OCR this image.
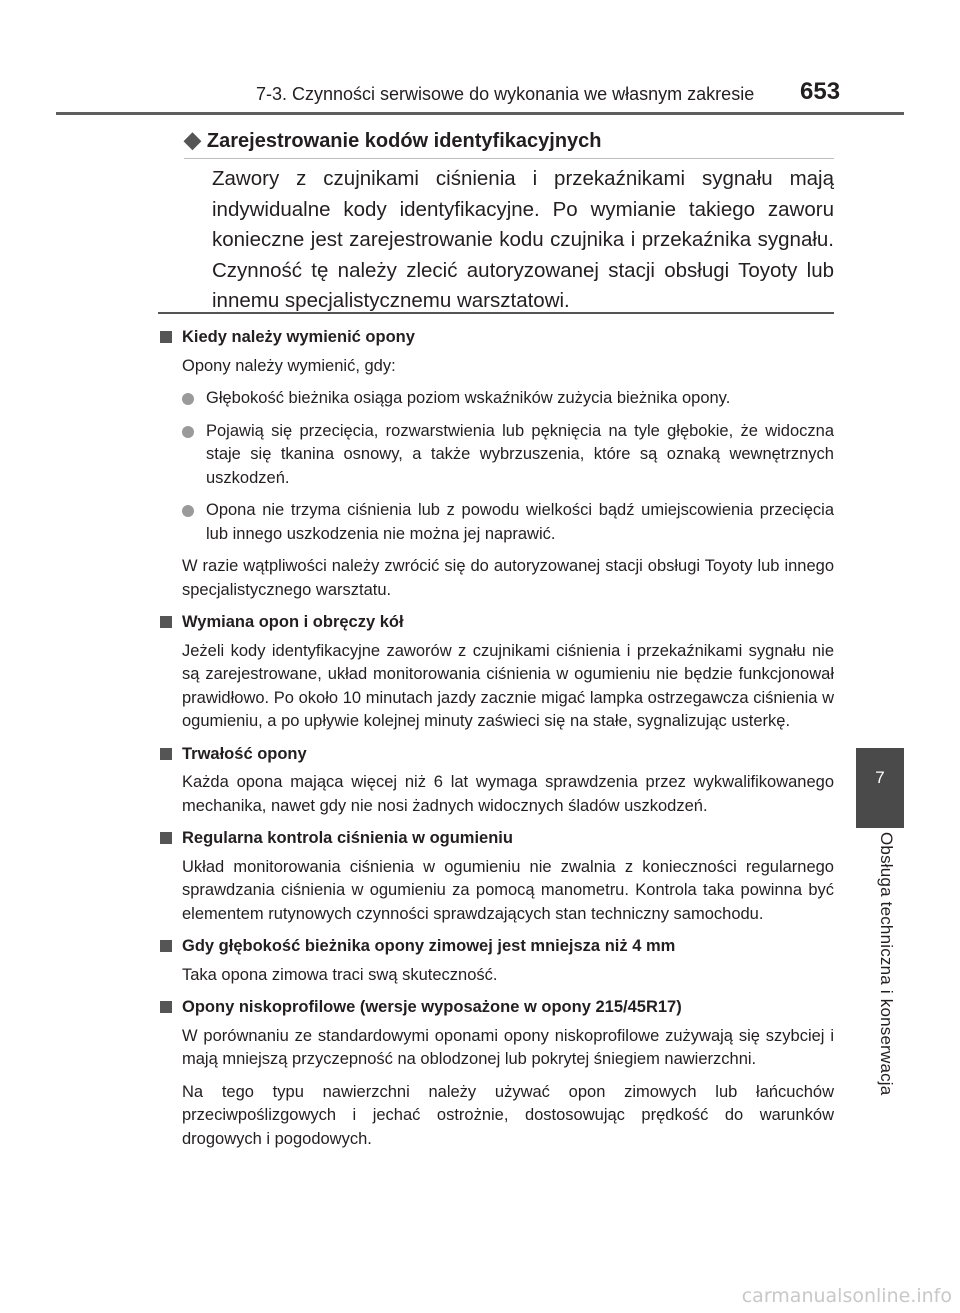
7-3. Czynności serwisowe do wykonania we własnym zakresie 653
7
Obsługa techniczna i konserwacja
◆ Zarejestrowanie kodów identyfikacyjnych
Zawory z czujnikami ciśnienia i przekaźnikami sygnału mają indywidualne kody identyfikacyjne. Po wymianie takiego zaworu konieczne jest zarejestrowanie kodu czujnika i przekaźnika sygnału. Czynność tę należy zlecić autoryzowanej stacji obsługi Toyoty lub innemu specjalistycznemu warsztatowi.
Kiedy należy wymienić opony
Opony należy wymienić, gdy:
Głębokość bieżnika osiąga poziom wskaźników zużycia bieżnika opony.
Pojawią się przecięcia, rozwarstwienia lub pęknięcia na tyle głębokie, że widoczna staje się tkanina osnowy, a także wybrzuszenia, które są oznaką wewnętrznych uszkodzeń.
Opona nie trzyma ciśnienia lub z powodu wielkości bądź umiejscowienia przecięcia lub innego uszkodzenia nie można jej naprawić.
W razie wątpliwości należy zwrócić się do autoryzowanej stacji obsługi Toyoty lub innego specjalistycznego warsztatu.
Wymiana opon i obręczy kół
Jeżeli kody identyfikacyjne zaworów z czujnikami ciśnienia i przekaźnikami sygnału nie są zarejestrowane, układ monitorowania ciśnienia w ogumieniu nie będzie funkcjonował prawidłowo. Po około 10 minutach jazdy zacznie migać lampka ostrzegawcza ciśnienia w ogumieniu, a po upływie kolejnej minuty zaświeci się na stałe, sygnalizując usterkę.
Trwałość opony
Każda opona mająca więcej niż 6 lat wymaga sprawdzenia przez wykwalifikowanego mechanika, nawet gdy nie nosi żadnych widocznych śladów uszkodzeń.
Regularna kontrola ciśnienia w ogumieniu
Układ monitorowania ciśnienia w ogumieniu nie zwalnia z konieczności regularnego sprawdzania ciśnienia w ogumieniu za pomocą manometru. Kontrola taka powinna być elementem rutynowych czynności sprawdzających stan techniczny samochodu.
Gdy głębokość bieżnika opony zimowej jest mniejsza niż 4 mm
Taka opona zimowa traci swą skuteczność.
Opony niskoprofilowe (wersje wyposażone w opony 215/45R17)
W porównaniu ze standardowymi oponami opony niskoprofilowe zużywają się szybciej i mają mniejszą przyczepność na oblodzonej lub pokrytej śniegiem nawierzchni.
Na tego typu nawierzchni należy używać opon zimowych lub łańcuchów przeciwpoślizgowych i jechać ostrożnie, dostosowując prędkość do warunków drogowych i pogodowych.
carmanualsonline.info
